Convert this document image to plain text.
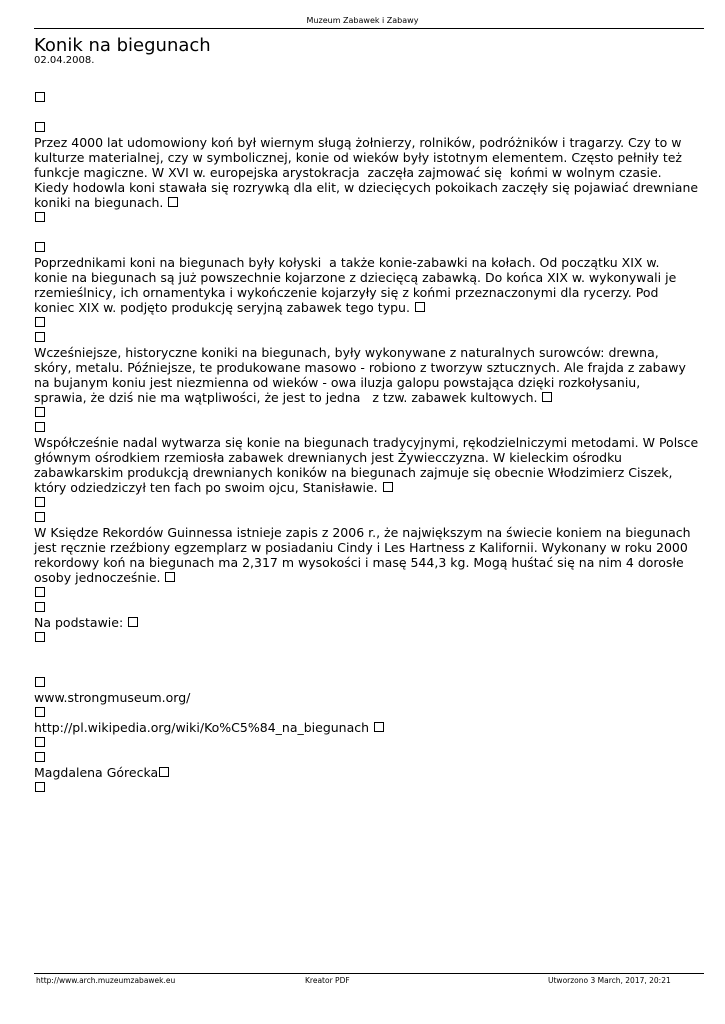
Muzeum Zabawek i Zabawy
Konik na biegunach
02.04.2008.
Przez 4000 lat udomowiony koń był wiernym sługą żołnierzy, rolników, podróżników i tragarzy. Czy to w
kulturze materialnej, czy w symbolicznej, konie od wieków były istotnym elementem. Często pełniły też
funkcje magiczne. W XVI w. europejska arystokracja  zaczęła zajmować się  końmi w wolnym czasie.
Kiedy hodowla koni stawała się rozrywką dla elit, w dziecięcych pokoikach zaczęły się pojawiać drewniane
koniki na biegunach.
Poprzednikami koni na biegunach były kołyski  a także konie-zabawki na kołach. Od początku XIX w.
konie na biegunach są już powszechnie kojarzone z dziecięcą zabawką. Do końca XIX w. wykonywali je
rzemieślnicy, ich ornamentyka i wykończenie kojarzyły się z końmi przeznaczonymi dla rycerzy. Pod
koniec XIX w. podjęto produkcję seryjną zabawek tego typu.
Wcześniejsze, historyczne koniki na biegunach, były wykonywane z naturalnych surowców: drewna,
skóry, metalu. Późniejsze, te produkowane masowo - robiono z tworzyw sztucznych. Ale frajda z zabawy
na bujanym koniu jest niezmienna od wieków - owa iluzja galopu powstająca dzięki rozkołysaniu,
sprawia, że dziś nie ma wątpliwości, że jest to jedna   z tzw. zabawek kultowych.
Współcześnie nadal wytwarza się konie na biegunach tradycyjnymi, rękodzielniczymi metodami. W Polsce
głównym ośrodkiem rzemiosła zabawek drewnianych jest Żywiecczyzna. W kieleckim ośrodku
zabawkarskim produkcją drewnianych koników na biegunach zajmuje się obecnie Włodzimierz Ciszek,
który odziedziczył ten fach po swoim ojcu, Stanisławie.
W Księdze Rekordów Guinnessa istnieje zapis z 2006 r., że największym na świecie koniem na biegunach
jest ręcznie rzeźbiony egzemplarz w posiadaniu Cindy i Les Hartness z Kalifornii. Wykonany w roku 2000
rekordowy koń na biegunach ma 2,317 m wysokości i masę 544,3 kg. Mogą huśtać się na nim 4 dorosłe
osoby jednocześnie.
Na podstawie:
www.strongmuseum.org/
http://pl.wikipedia.org/wiki/Ko%C5%84_na_biegunach
Magdalena Górecka
http://www.arch.muzeumzabawek.eu	Kreator PDF	Utworzono 3 March, 2017, 20:21
